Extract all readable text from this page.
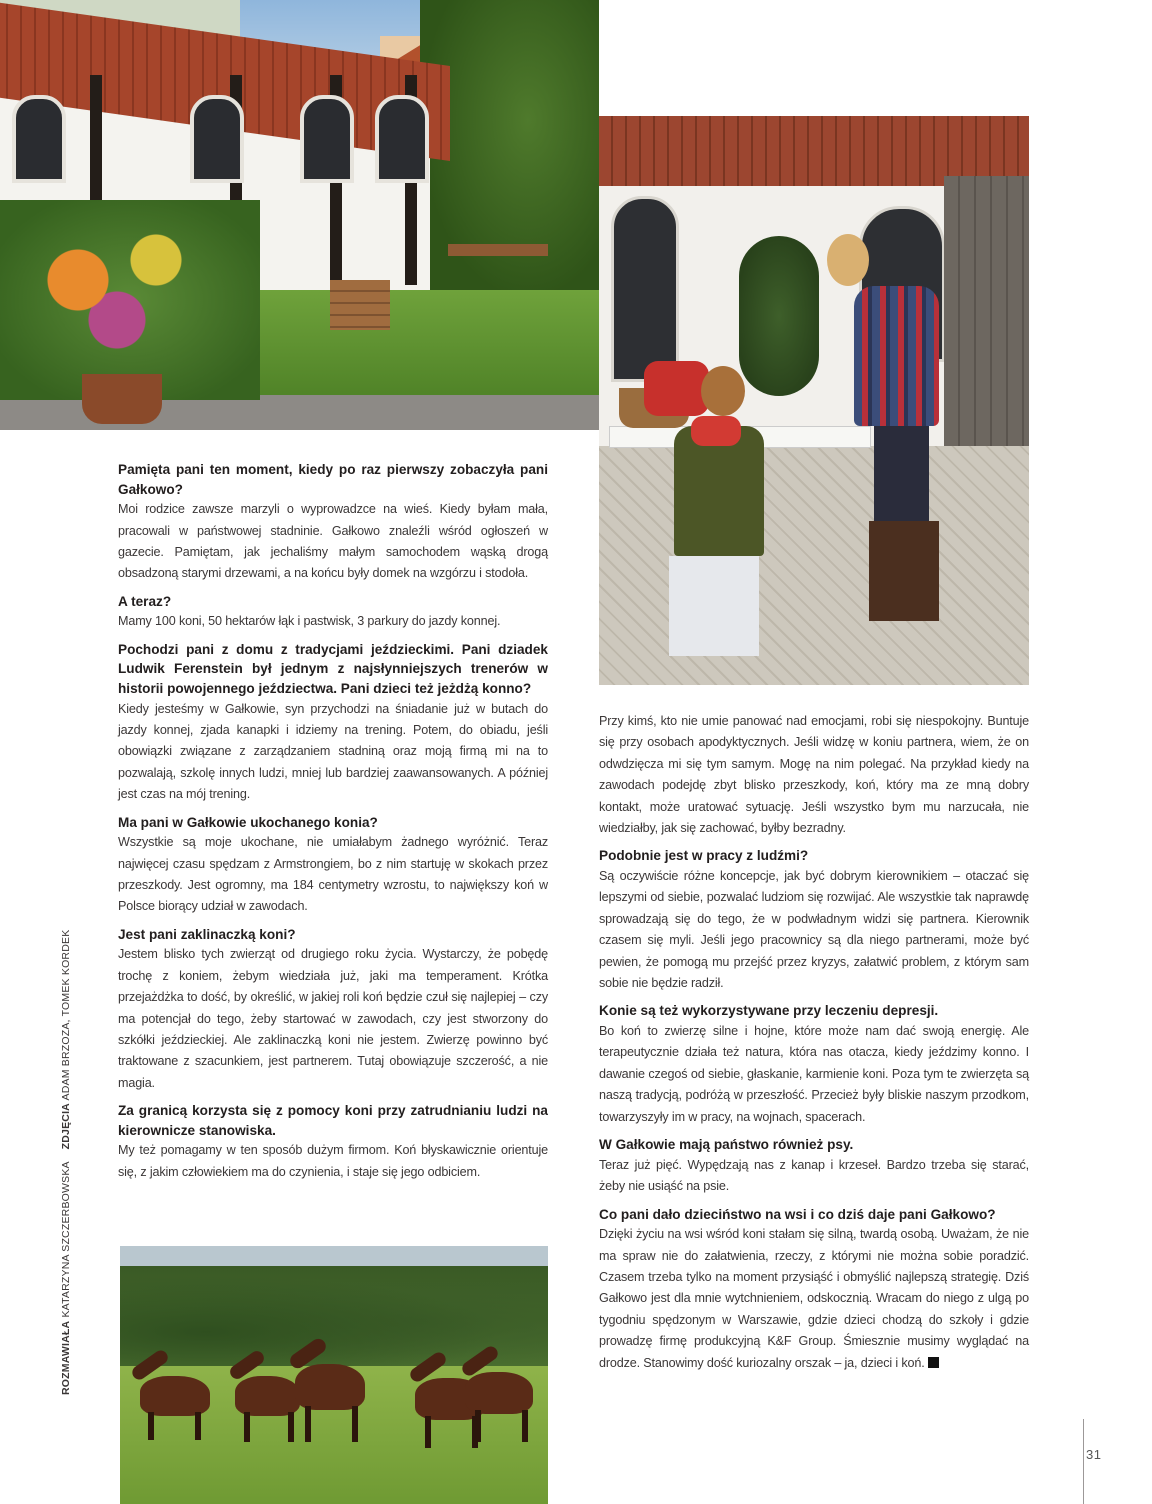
Pamięta pani ten moment, kiedy po raz pierwszy zobaczyła pani Gałkowo?

Moi rodzice zawsze marzyli o wyprowadzce na wieś. Kiedy byłam mała, pracowali w państwowej stadninie. Gałkowo znaleźli wśród ogłoszeń w gazecie. Pamiętam, jak jechaliśmy małym samochodem wąską drogą obsadzoną starymi drzewami, a na końcu były domek na wzgórzu i stodoła.

A teraz?

Mamy 100 koni, 50 hektarów łąk i pastwisk, 3 parkury do jazdy konnej.

Pochodzi pani z domu z tradycjami jeździeckimi. Pani dziadek Ludwik Ferenstein był jednym z najsłynniejszych trenerów w historii powojennego jeździectwa. Pani dzieci też jeżdżą konno?

Kiedy jesteśmy w Gałkowie, syn przychodzi na śniadanie już w butach do jazdy konnej, zjada kanapki i idziemy na trening. Potem, do obiadu, jeśli obowiązki związane z zarządzaniem stadniną oraz moją firmą mi na to pozwalają, szkolę innych ludzi, mniej lub bardziej zaawansowanych. A później jest czas na mój trening.

Ma pani w Gałkowie ukochanego konia?

Wszystkie są moje ukochane, nie umiałabym żadnego wyróżnić. Teraz najwięcej czasu spędzam z Armstrongiem, bo z nim startuję w skokach przez przeszkody. Jest ogromny, ma 184 centymetry wzrostu, to największy koń w Polsce biorący udział w zawodach.

Jest pani zaklinaczką koni?

Jestem blisko tych zwierząt od drugiego roku życia. Wystarczy, że pobędę trochę z koniem, żebym wiedziała już, jaki ma temperament. Krótka przejażdżka to dość, by określić, w jakiej roli koń będzie czuł się najlepiej – czy ma potencjał do tego, żeby startować w zawodach, czy jest stworzony do szkółki jeździeckiej. Ale zaklinaczką koni nie jestem. Zwierzę powinno być traktowane z szacunkiem, jest partnerem. Tutaj obowiązuje szczerość, a nie magia.

Za granicą korzysta się z pomocy koni przy zatrudnianiu ludzi na kierownicze stanowiska.

My też pomagamy w ten sposób dużym firmom. Koń błyskawicznie orientuje się, z jakim człowiekiem ma do czynienia, i staje się jego odbiciem.

Przy kimś, kto nie umie panować nad emocjami, robi się niespokojny. Buntuje się przy osobach apodyktycznych. Jeśli widzę w koniu partnera, wiem, że on odwdzięcza mi się tym samym. Mogę na nim polegać. Na przykład kiedy na zawodach podejdę zbyt blisko przeszkody, koń, który ma ze mną dobry kontakt, może uratować sytuację. Jeśli wszystko bym mu narzucała, nie wiedziałby, jak się zachować, byłby bezradny.

Podobnie jest w pracy z ludźmi?

Są oczywiście różne koncepcje, jak być dobrym kierownikiem – otaczać się lepszymi od siebie, pozwalać ludziom się rozwijać. Ale wszystkie tak naprawdę sprowadzają się do tego, że w podwładnym widzi się partnera. Kierownik czasem się myli. Jeśli jego pracownicy są dla niego partnerami, może być pewien, że pomogą mu przejść przez kryzys, załatwić problem, z którym sam sobie nie będzie radził.

Konie są też wykorzystywane przy leczeniu depresji.

Bo koń to zwierzę silne i hojne, które może nam dać swoją energię. Ale terapeutycznie działa też natura, która nas otacza, kiedy jeździmy konno. I dawanie czegoś od siebie, głaskanie, karmienie koni. Poza tym te zwierzęta są naszą tradycją, podróżą w przeszłość. Przecież były bliskie naszym przodkom, towarzyszyły im w pracy, na wojnach, spacerach.

W Gałkowie mają państwo również psy.

Teraz już pięć. Wypędzają nas z kanap i krzeseł. Bardzo trzeba się starać, żeby nie usiąść na psie.

Co pani dało dzieciństwo na wsi i co dziś daje pani Gałkowo?

Dzięki życiu na wsi wśród koni stałam się silną, twardą osobą. Uważam, że nie ma spraw nie do załatwienia, rzeczy, z którymi nie można sobie poradzić. Czasem trzeba tylko na moment przysiąść i obmyślić najlepszą strategię. Dziś Gałkowo jest dla mnie wytchnieniem, odskocznią. Wracam do niego z ulgą po tygodniu spędzonym w Warszawie, gdzie dzieci chodzą do szkoły i gdzie prowadzę firmę produkcyjną K&F Group. Śmiesznie musimy wyglądać na drodze. Stanowimy dość kuriozalny orszak – ja, dzieci i koń.

ROZMAWIAŁA KATARZYNA SZCZERBOWSKA    ZDJĘCIA ADAM BRZOZA, TOMEK KORDEK
31
